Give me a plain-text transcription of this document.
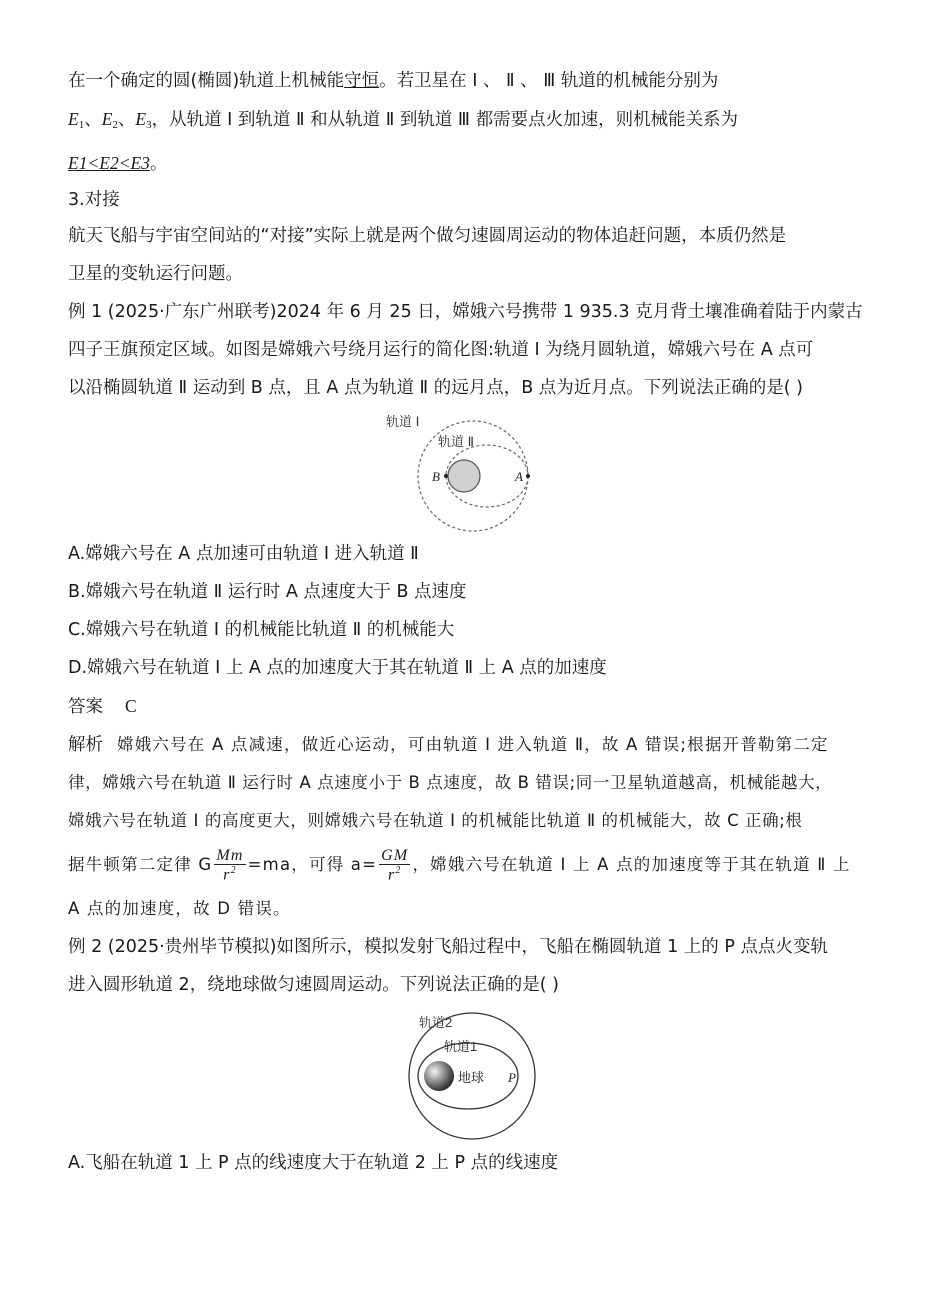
在一个确定的圆(椭圆)轨道上机械能守恒。若卫星在 Ⅰ 、 Ⅱ 、 Ⅲ 轨道的机械能分别为
$E_1$、$E_2$、$E_3$，从轨道 Ⅰ 到轨道 Ⅱ 和从轨道 Ⅱ 到轨道 Ⅲ 都需要点火加速，则机械能关系为
E1<E2<E3。
3.对接
航天飞船与宇宙空间站的“对接”实际上就是两个做匀速圆周运动的物体追赶问题，本质仍然是
卫星的变轨运行问题。
例 1 (2025·广东广州联考)2024 年 6 月 25 日，嫦娥六号携带 1 935.3 克月背土壤准确着陆于内蒙古
四子王旗预定区域。如图是嫦娥六号绕月运行的简化图:轨道 Ⅰ 为绕月圆轨道，嫦娥六号在 A 点可
以沿椭圆轨道 Ⅱ 运动到 B 点，且 A 点为轨道 Ⅱ 的远月点，B 点为近月点。下列说法正确的是( )
轨道 Ⅰ
轨道 Ⅱ
B	A
A.嫦娥六号在 A 点加速可由轨道 Ⅰ 进入轨道 Ⅱ
B.嫦娥六号在轨道 Ⅱ 运行时 A 点速度大于 B 点速度
C.嫦娥六号在轨道 Ⅰ 的机械能比轨道 Ⅱ 的机械能大
D.嫦娥六号在轨道 Ⅰ 上 A 点的加速度大于其在轨道 Ⅱ 上 A 点的加速度
答案 C
解析 嫦娥六号在 A 点减速，做近心运动，可由轨道 Ⅰ 进入轨道 Ⅱ，故 A 错误;根据开普勒第二定
律，嫦娥六号在轨道 Ⅱ 运行时 A 点速度小于 B 点速度，故 B 错误;同一卫星轨道越高，机械能越大，
嫦娥六号在轨道 Ⅰ 的高度更大，则嫦娥六号在轨道 Ⅰ 的机械能比轨道 Ⅱ 的机械能大，故 C 正确;根
据牛顿第二定律 G $\frac{Mm}{r^2} =ma$，可得 $a= \frac{GM}{r^2}$ ，嫦娥六号在轨道 Ⅰ 上 A 点的加速度等于其在轨道 Ⅱ 上
A 点的加速度，故 D 错误。
例 2 (2025·贵州毕节模拟)如图所示，模拟发射飞船过程中，飞船在椭圆轨道 1 上的 P 点点火变轨
进入圆形轨道 2，绕地球做匀速圆周运动。下列说法正确的是( )
轨道2
轨道1
地球 P
A.飞船在轨道 1 上 P 点的线速度大于在轨道 2 上 P 点的线速度
